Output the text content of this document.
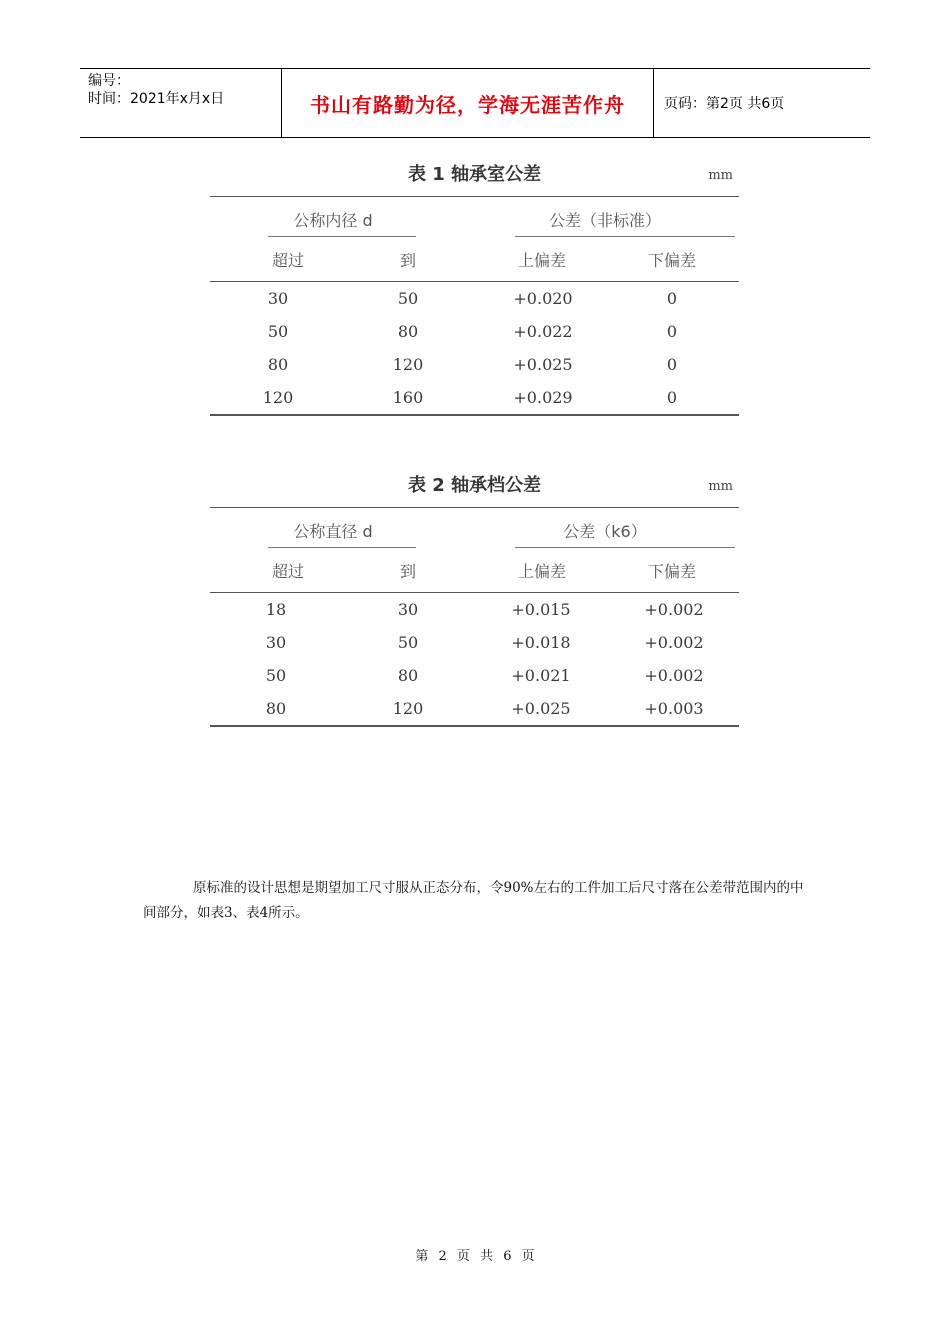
编号：
时间：2021年x月x日	书山有路勤为径，学海无涯苦作舟	页码：第2页 共6页
表 1 轴承室公差	mm
公称内径 d	公差（非标准）
超过	到	上偏差	下偏差
30	50	+0.020	0
50	80	+0.022	0
80	120	+0.025	0
120	160	+0.029	0
表 2 轴承档公差	mm
公称直径 d	公差（k6）
超过	到	上偏差	下偏差
18	30	+0.015	+0.002
30	50	+0.018	+0.002
50	80	+0.021	+0.002
80	120	+0.025	+0.003
原标准的设计思想是期望加工尺寸服从正态分布，令90%左右的工件加工后尺寸落在公差带范围内的中间部分，如表3、表4所示。
第 2 页 共 6 页
